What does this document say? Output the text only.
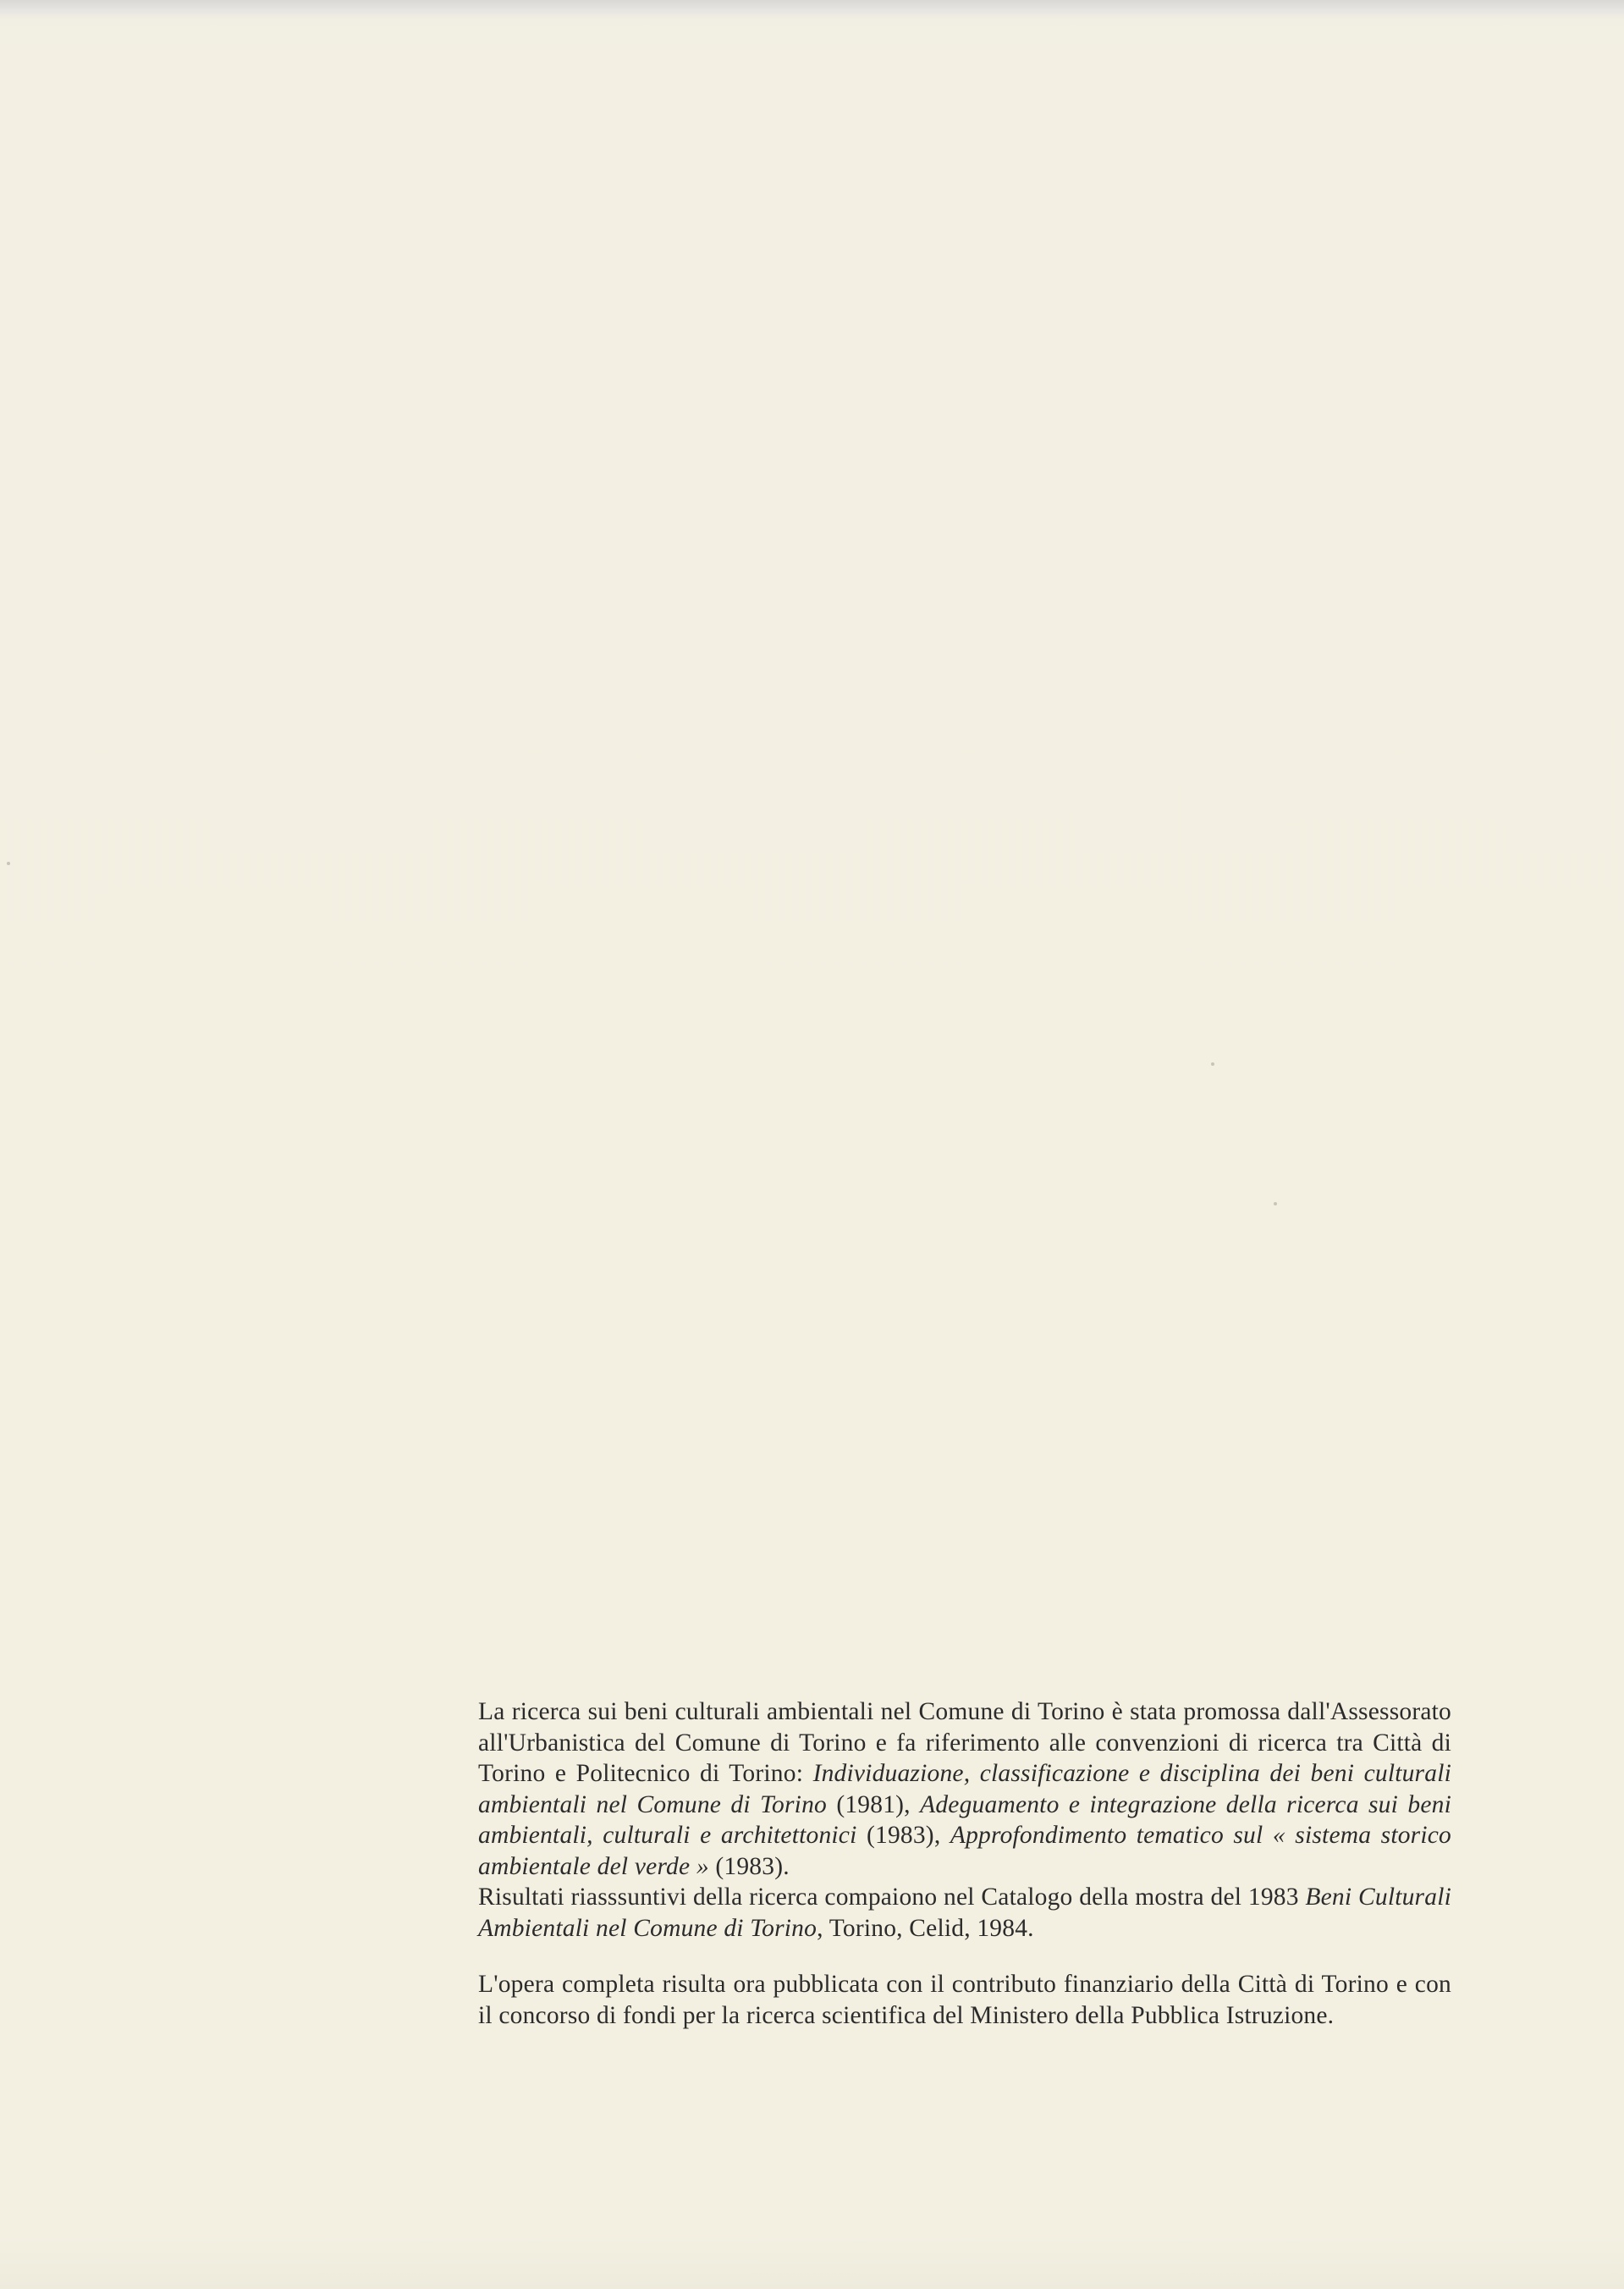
La ricerca sui beni culturali ambientali nel Comune di Torino è stata promossa dall'Assessorato all'Urbanistica del Comune di Torino e fa riferimento alle convenzioni di ricerca tra Città di Torino e Politecnico di Torino: Individuazione, classificazione e disciplina dei beni culturali ambientali nel Comune di Torino (1981), Adeguamento e integrazione della ricerca sui beni ambientali, culturali e architettonici (1983), Approfondimento tematico sul « sistema storico ambientale del verde » (1983).

Risultati riasssuntivi della ricerca compaiono nel Catalogo della mostra del 1983 Beni Culturali Ambientali nel Comune di Torino, Torino, Celid, 1984.

L'opera completa risulta ora pubblicata con il contributo finanziario della Città di Torino e con il concorso di fondi per la ricerca scientifica del Ministero della Pubblica Istruzione.
